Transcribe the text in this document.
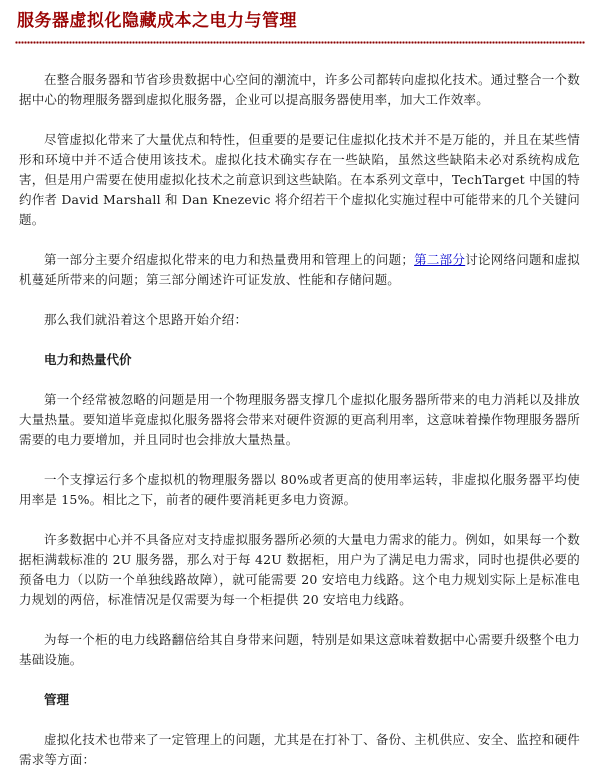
服务器虚拟化隐藏成本之电力与管理

在整合服务器和节省珍贵数据中心空间的潮流中，许多公司都转向虚拟化技术。通过整合一个数据中心的物理服务器到虚拟化服务器，企业可以提高服务器使用率，加大工作效率。

尽管虚拟化带来了大量优点和特性，但重要的是要记住虚拟化技术并不是万能的，并且在某些情形和环境中并不适合使用该技术。虚拟化技术确实存在一些缺陷，虽然这些缺陷未必对系统构成危害，但是用户需要在使用虚拟化技术之前意识到这些缺陷。在本系列文章中，TechTarget 中国的特约作者 David Marshall 和 Dan Knezevic 将介绍若干个虚拟化实施过程中可能带来的几个关键问题。

第一部分主要介绍虚拟化带来的电力和热量费用和管理上的问题；第二部分讨论网络问题和虚拟机蔓延所带来的问题；第三部分阐述许可证发放、性能和存储问题。

那么我们就沿着这个思路开始介绍：

电力和热量代价

第一个经常被忽略的问题是用一个物理服务器支撑几个虚拟化服务器所带来的电力消耗以及排放大量热量。要知道毕竟虚拟化服务器将会带来对硬件资源的更高利用率，这意味着操作物理服务器所需要的电力要增加，并且同时也会排放大量热量。

一个支撑运行多个虚拟机的物理服务器以 80%或者更高的使用率运转，非虚拟化服务器平均使用率是 15%。相比之下，前者的硬件要消耗更多电力资源。

许多数据中心并不具备应对支持虚拟服务器所必须的大量电力需求的能力。例如，如果每一个数据柜满载标准的 2U 服务器，那么对于每 42U 数据柜，用户为了满足电力需求，同时也提供必要的预备电力（以防一个单独线路故障），就可能需要 20 安培电力线路。这个电力规划实际上是标准电力规划的两倍，标准情况是仅需要为每一个柜提供 20 安培电力线路。

为每一个柜的电力线路翻倍给其自身带来问题，特别是如果这意味着数据中心需要升级整个电力基础设施。

管理

虚拟化技术也带来了一定管理上的问题，尤其是在打补丁、备份、主机供应、安全、监控和硬件需求等方面：
